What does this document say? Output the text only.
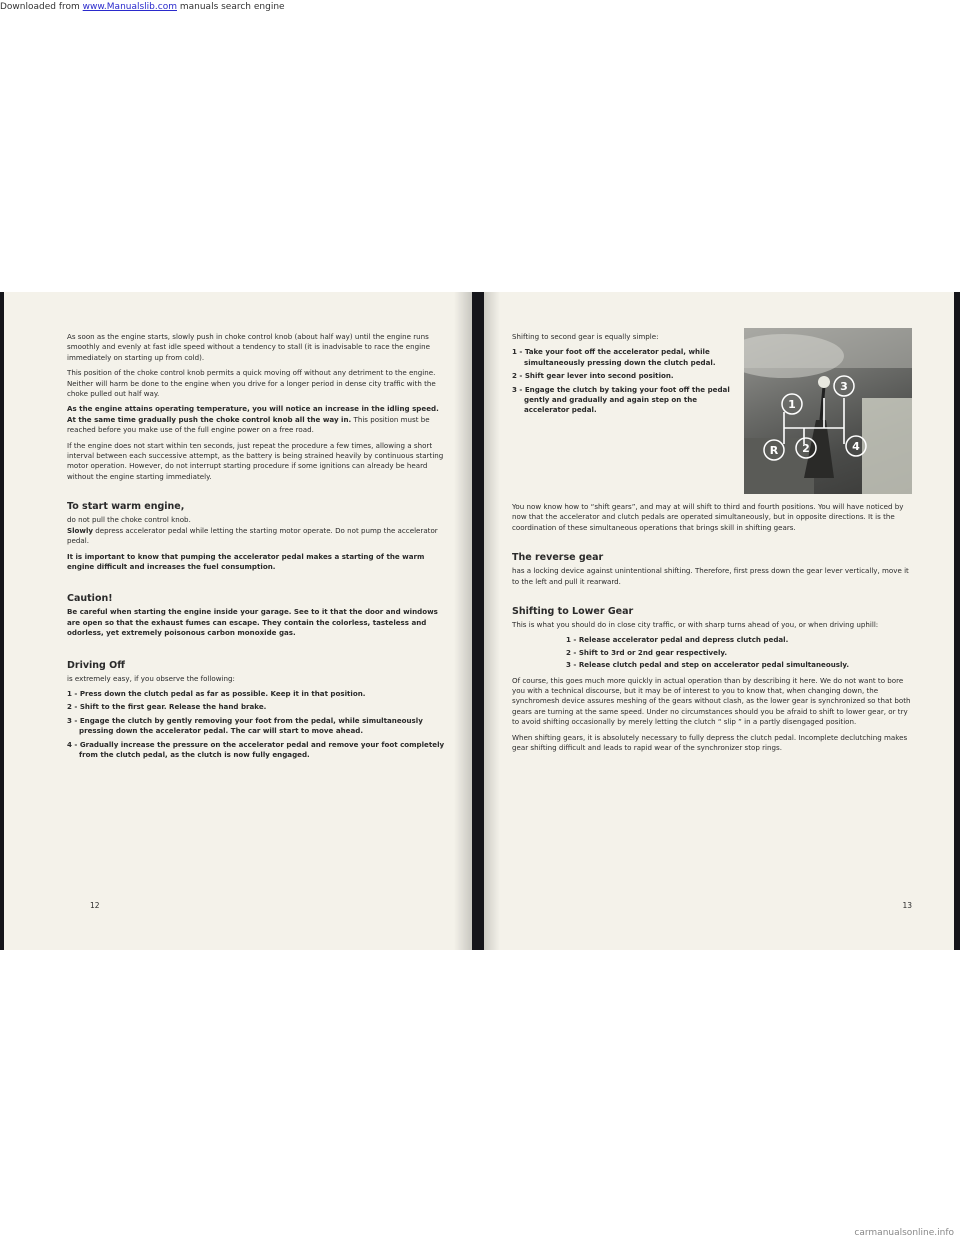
Downloaded from www.Manualslib.com manuals search engine

As soon as the engine starts, slowly push in choke control knob (about half way) until the engine runs smoothly and evenly at fast idle speed without a tendency to stall (it is inadvisable to race the engine immediately on starting up from cold).

This position of the choke control knob permits a quick moving off without any detriment to the engine. Neither will harm be done to the engine when you drive for a longer period in dense city traffic with the choke pulled out half way.

As the engine attains operating temperature, you will notice an increase in the idling speed. At the same time gradually push the choke control knob all the way in. This position must be reached before you make use of the full engine power on a free road.

If the engine does not start within ten seconds, just repeat the procedure a few times, allowing a short interval between each successive attempt, as the battery is being strained heavily by continuous starting motor operation. However, do not interrupt starting procedure if some ignitions can already be heard without the engine starting immediately.

To start warm engine,

do not pull the choke control knob.

Slowly depress accelerator pedal while letting the starting motor operate. Do not pump the accelerator pedal.

It is important to know that pumping the accelerator pedal makes a starting of the warm engine difficult and increases the fuel consumption.

Caution!

Be careful when starting the engine inside your garage. See to it that the door and windows are open so that the exhaust fumes can escape. They contain the colorless, tasteless and odorless, yet extremely poisonous carbon monoxide gas.

Driving Off

is extremely easy, if you observe the following:

1 - Press down the clutch pedal as far as possible. Keep it in that position.
2 - Shift to the first gear. Release the hand brake.
3 - Engage the clutch by gently removing your foot from the pedal, while simultaneously pressing down the accelerator pedal. The car will start to move ahead.
4 - Gradually increase the pressure on the accelerator pedal and remove your foot completely from the clutch pedal, as the clutch is now fully engaged.
12

Shifting to second gear is equally simple:

1 - Take your foot off the accelerator pedal, while simultaneously pressing down the clutch pedal.
2 - Shift gear lever into second position.
3 - Engage the clutch by taking your foot off the pedal gently and gradually and again step on the accelerator pedal.	1
2
3
4
R

You now know how to “shift gears”, and may at will shift to third and fourth positions. You will have noticed by now that the accelerator and clutch pedals are operated simultaneously, but in opposite directions. It is the coordination of these simultaneous operations that brings skill in shifting gears.

The reverse gear

has a locking device against unintentional shifting. Therefore, first press down the gear lever vertically, move it to the left and pull it rearward.

Shifting to Lower Gear

This is what you should do in close city traffic, or with sharp turns ahead of you, or when driving uphill:

1 - Release accelerator pedal and depress clutch pedal.
2 - Shift to 3rd or 2nd gear respectively.
3 - Release clutch pedal and step on accelerator pedal simultaneously.

Of course, this goes much more quickly in actual operation than by describing it here. We do not want to bore you with a technical discourse, but it may be of interest to you to know that, when changing down, the synchromesh device assures meshing of the gears without clash, as the lower gear is synchronized so that both gears are turning at the same speed. Under no circumstances should you be afraid to shift to lower gear, or try to avoid shifting occasionally by merely letting the clutch “ slip ” in a partly disengaged position.

When shifting gears, it is absolutely necessary to fully depress the clutch pedal. Incomplete declutching makes gear shifting difficult and leads to rapid wear of the synchronizer stop rings.

13
carmanualsonline.info
